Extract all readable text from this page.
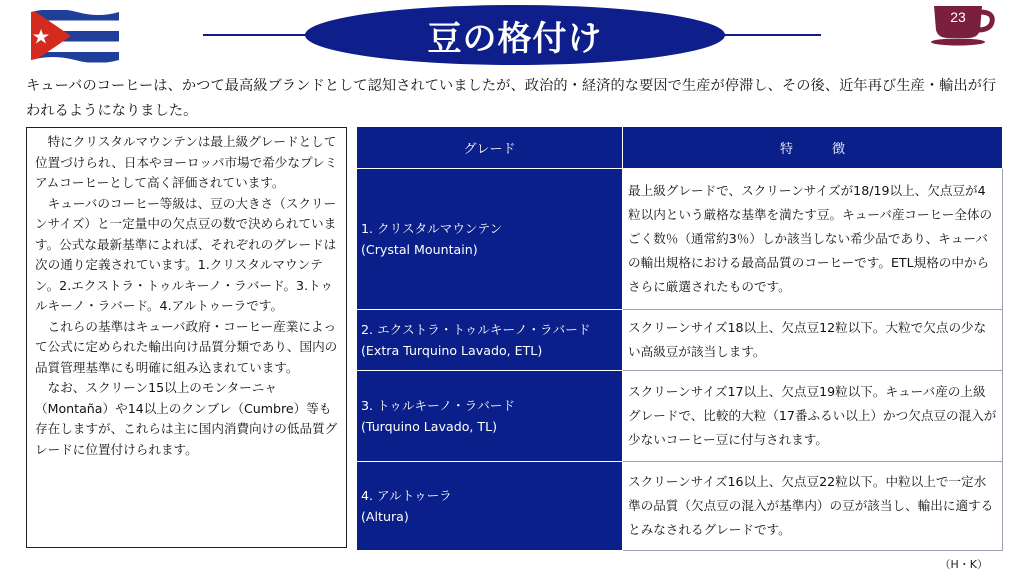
豆の格付け
23
キューバのコーヒーは、かつて最高級ブランドとして認知されていましたが、政治的・経済的な要因で生産が停滞し、その後、近年再び生産・輸出が行われるようになりました。

特にクリスタルマウンテンは最上級グレードとして位置づけられ、日本やヨーロッパ市場で希少なプレミアムコーヒーとして高く評価されています。

キューバのコーヒー等級は、豆の大きさ（スクリーンサイズ）と一定量中の欠点豆の数で決められています。公式な最新基準によれば、それぞれのグレードは次の通り定義されています。1.クリスタルマウンテン。2.エクストラ・トゥルキーノ・ラバード。3.トゥルキーノ・ラバード。4.アルトゥーラです。

これらの基準はキューバ政府・コーヒー産業によって公式に定められた輸出向け品質分類であり、国内の品質管理基準にも明確に組み込まれています。

なお、スクリーン15以上のモンターニャ（Montaña）や14以上のクンブレ（Cumbre）等も存在しますが、これらは主に国内消費向けの低品質グレードに位置付けられます。

グレード	特　　　徴

1. クリスタルマウンテン
(Crystal Mountain)	最上級グレードで、スクリーンサイズが18/19以上、欠点豆が4粒以内という厳格な基準を満たす豆。キューバ産コーヒー全体のごく数％（通常約3％）しか該当しない希少品であり、キューバの輸出規格における最高品質のコーヒーです。ETL規格の中からさらに厳選されたものです。

2. エクストラ・トゥルキーノ・ラバード
(Extra Turquino Lavado, ETL)	スクリーンサイズ18以上、欠点豆12粒以下。大粒で欠点の少ない高級豆が該当します。

3. トゥルキーノ・ラバード
(Turquino Lavado, TL)	スクリーンサイズ17以上、欠点豆19粒以下。キューバ産の上級グレードで、比較的大粒（17番ふるい以上）かつ欠点豆の混入が少ないコーヒー豆に付与されます。

4. アルトゥーラ
(Altura)	スクリーンサイズ16以上、欠点豆22粒以下。中粒以上で一定水準の品質（欠点豆の混入が基準内）の豆が該当し、輸出に適するとみなされるグレードです。
（H・K）
